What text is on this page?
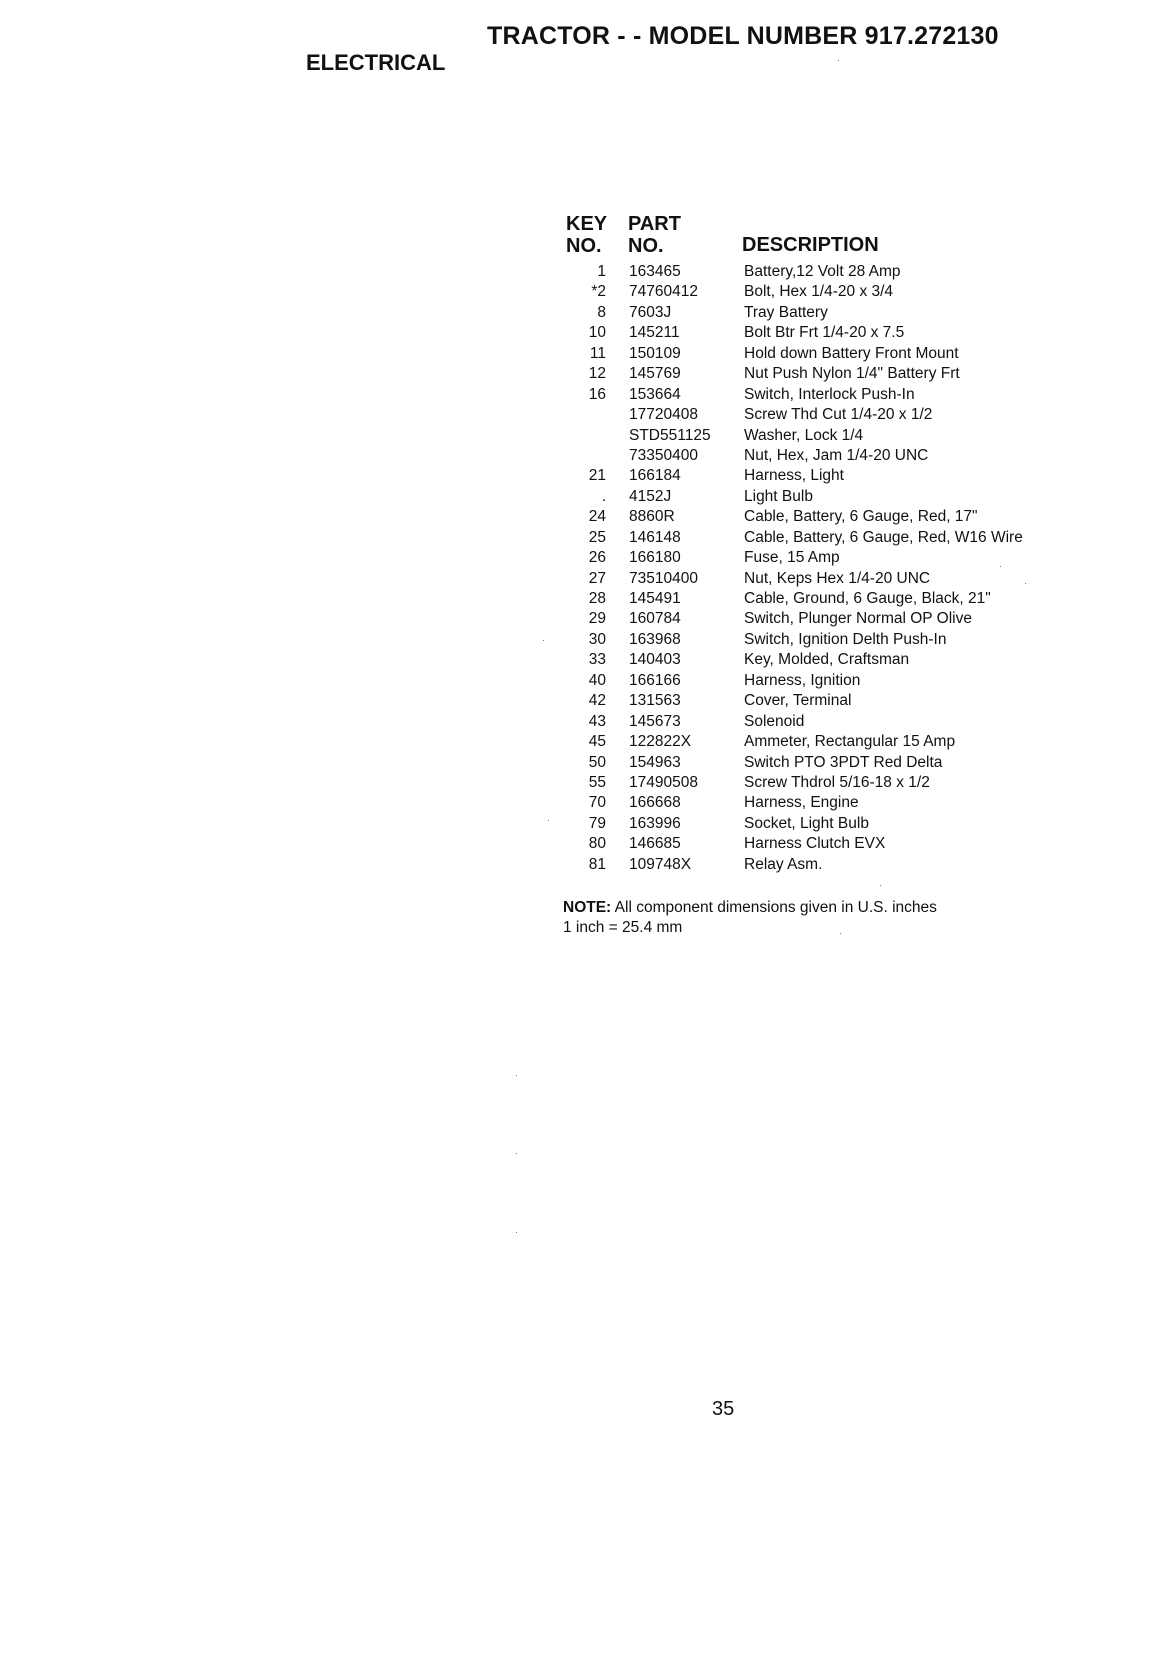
TRACTOR - - MODEL NUMBER 917.272130
ELECTRICAL
KEY
NO.
PART
NO.	DESCRIPTION
1 163465	Battery,12 Volt 28 Amp
*2 74760412	Bolt, Hex 1/4-20 x 3/4
8 7603J	Tray Battery
10 145211	Bolt Btr Frt 1/4-20 x 7.5
11 150109	Hold down Battery Front Mount
12 145769	Nut Push Nylon 1/4" Battery Frt
16 153664	Switch, Interlock Push-In
17720408	Screw Thd Cut 1/4-20 x 1/2
STD551125 Washer, Lock 1/4
73350400	Nut, Hex, Jam 1/4-20 UNC
21 166184	Harness, Light
. 4152J	Light Bulb
24 8860R	Cable, Battery, 6 Gauge, Red, 17"
25 146148	Cable, Battery, 6 Gauge, Red, W16 Wire
26 166180	Fuse, 15 Amp
27 73510400	Nut, Keps Hex 1/4-20 UNC
28 145491	Cable, Ground, 6 Gauge, Black, 21"
29 160784	Switch, Plunger Normal OP Olive
30 163968	Switch, Ignition Delth Push-In
33 140403	Key, Molded, Craftsman
40 166166	Harness, Ignition
42 131563	Cover, Terminal
43 145673	Solenoid
45 122822X	Ammeter, Rectangular 15 Amp
50 154963	Switch PTO 3PDT Red Delta
55 17490508	Screw Thdrol 5/16-18 x 1/2
70 166668	Harness, Engine
79 163996	Socket, Light Bulb
80 146685	Harness Clutch EVX
81 109748X	Relay Asm.
NOTE: All component dimensions given in U.S. inches
1 inch = 25.4 mm
35
